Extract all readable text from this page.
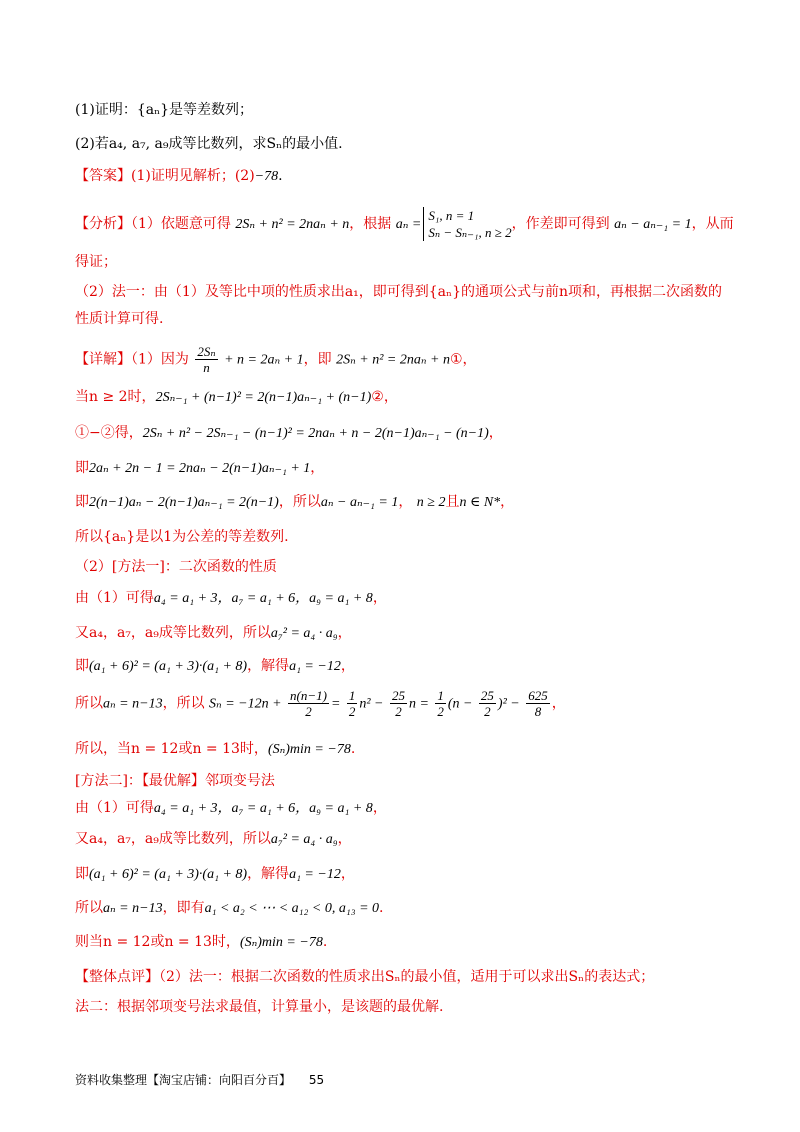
(1)证明：{aₙ}是等差数列；
(2)若a₄, a₇, a₉成等比数列，求Sₙ的最小值.
【答案】(1)证明见解析；(2)−78.
【分析】（1）依题意可得 2Sₙ + n² = 2naₙ + n，根据 aₙ =
S₁, n = 1
Sₙ − Sₙ₋₁, n ≥ 2
，作差即可得到 aₙ − aₙ₋₁ = 1，从而
得证；
（2）法一：由（1）及等比中项的性质求出a₁，即可得到{aₙ}的通项公式与前n项和，再根据二次函数的
性质计算可得.
【详解】（1）因为 $\frac{\text{2Sₙ}}{n} + n = 2a_n + 1$，即 2Sₙ + n² = 2naₙ + n①，
当n ≥ 2时，2Sₙ₋₁ + (n−1)² = 2(n−1)aₙ₋₁ + (n−1)②，
①−②得，2Sₙ + n² − 2Sₙ₋₁ − (n−1)² = 2naₙ + n − 2(n−1)aₙ₋₁ − (n−1)，
即2aₙ + 2n − 1 = 2naₙ − 2(n−1)aₙ₋₁ + 1，
即2(n−1)aₙ − 2(n−1)aₙ₋₁ = 2(n−1)，所以aₙ − aₙ₋₁ = 1， n ≥ 2且n ∈ N*，
所以{aₙ}是以1为公差的等差数列.
（2）[方法一]：二次函数的性质
由（1）可得a₄ = a₁ + 3，a₇ = a₁ + 6，a₉ = a₁ + 8，
又a₄，a₇，a₉成等比数列，所以a₇² = a₄ · a₉，
即(a₁ + 6)² = (a₁ + 3)·(a₁ + 8)，解得a₁ = −12，
所以aₙ = n−13，所以 $S_n = -12n + \frac{n(n-1)}{2} = \frac{1}{2} n^2 - \frac{25}{2}$ $n = \frac{1}{2} (n - \frac{25}{2} )^2 - \frac{625}{8}$ ，
所以，当n = 12或n = 13时，(Sₙ)min = −78.
[方法二]：【最优解】邻项变号法
由（1）可得a₄ = a₁ + 3，a₇ = a₁ + 6，a₉ = a₁ + 8，
又a₄，a₇，a₉成等比数列，所以a₇² = a₄ · a₉，
即(a₁ + 6)² = (a₁ + 3)·(a₁ + 8)，解得a₁ = −12，
所以aₙ = n−13，即有a₁ < a₂ < ⋯ < a₁₂ < 0, a₁₃ = 0.
则当n = 12或n = 13时，(Sₙ)min = −78.
【整体点评】（2）法一：根据二次函数的性质求出Sₙ的最小值，适用于可以求出Sₙ的表达式；
法二：根据邻项变号法求最值，计算量小，是该题的最优解.
资料收集整理【淘宝店铺：向阳百分百】 55
